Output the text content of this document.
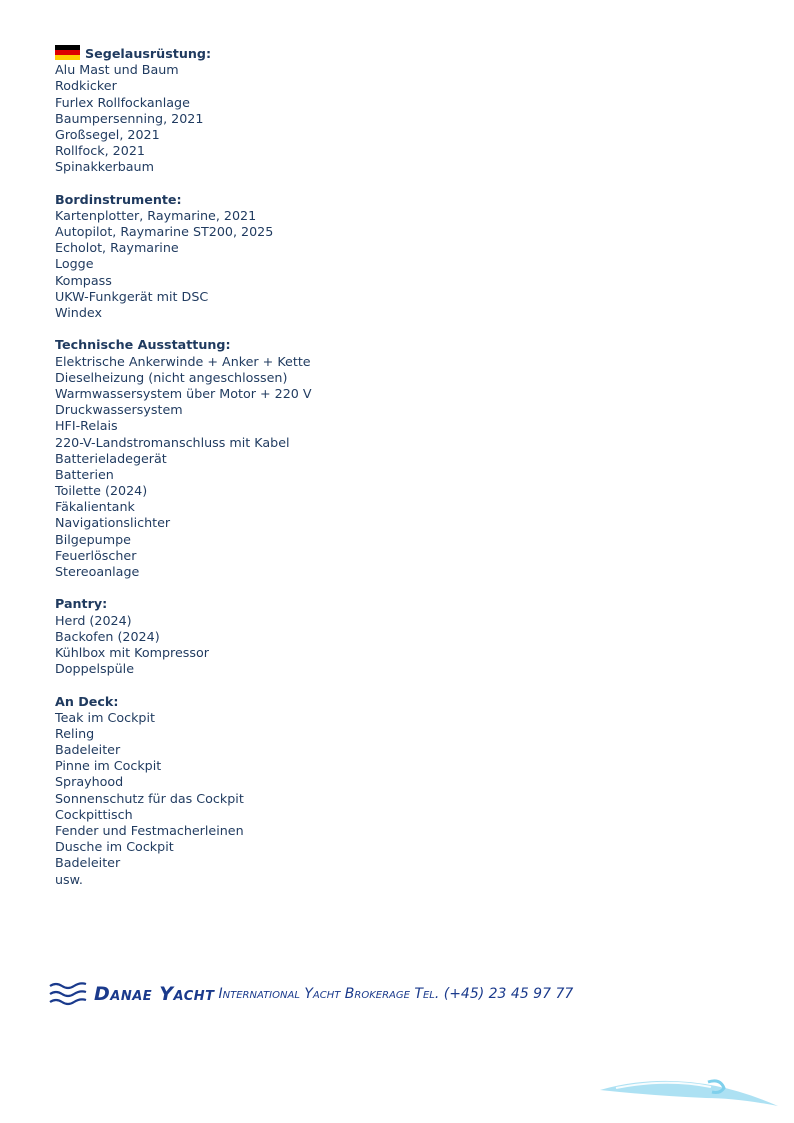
Segelausrüstung:
Alu Mast und Baum
Rodkicker
Furlex Rollfockanlage
Baumpersenning, 2021
Großsegel, 2021
Rollfock, 2021
Spinakkerbaum
Bordinstrumente:
Kartenplotter, Raymarine, 2021
Autopilot, Raymarine ST200, 2025
Echolot, Raymarine
Logge
Kompass
UKW-Funkgerät mit DSC
Windex
Technische Ausstattung:
Elektrische Ankerwinde + Anker + Kette
Dieselheizung (nicht angeschlossen)
Warmwassersystem über Motor + 220 V
Druckwassersystem
HFI-Relais
220-V-Landstromanschluss mit Kabel
Batterieladegerät
Batterien
Toilette (2024)
Fäkalientank
Navigationslichter
Bilgepumpe
Feuerlöscher
Stereoanlage
Pantry:
Herd (2024)
Backofen (2024)
Kühlbox mit Kompressor
Doppelspüle
An Deck:
Teak im Cockpit
Reling
Badeleiter
Pinne im Cockpit
Sprayhood
Sonnenschutz für das Cockpit
Cockpittisch
Fender und Festmacherleinen
Dusche im Cockpit
Badeleiter
usw.
Danae Yacht International Yacht Brokerage Tel. (+45) 23 45 97 77
